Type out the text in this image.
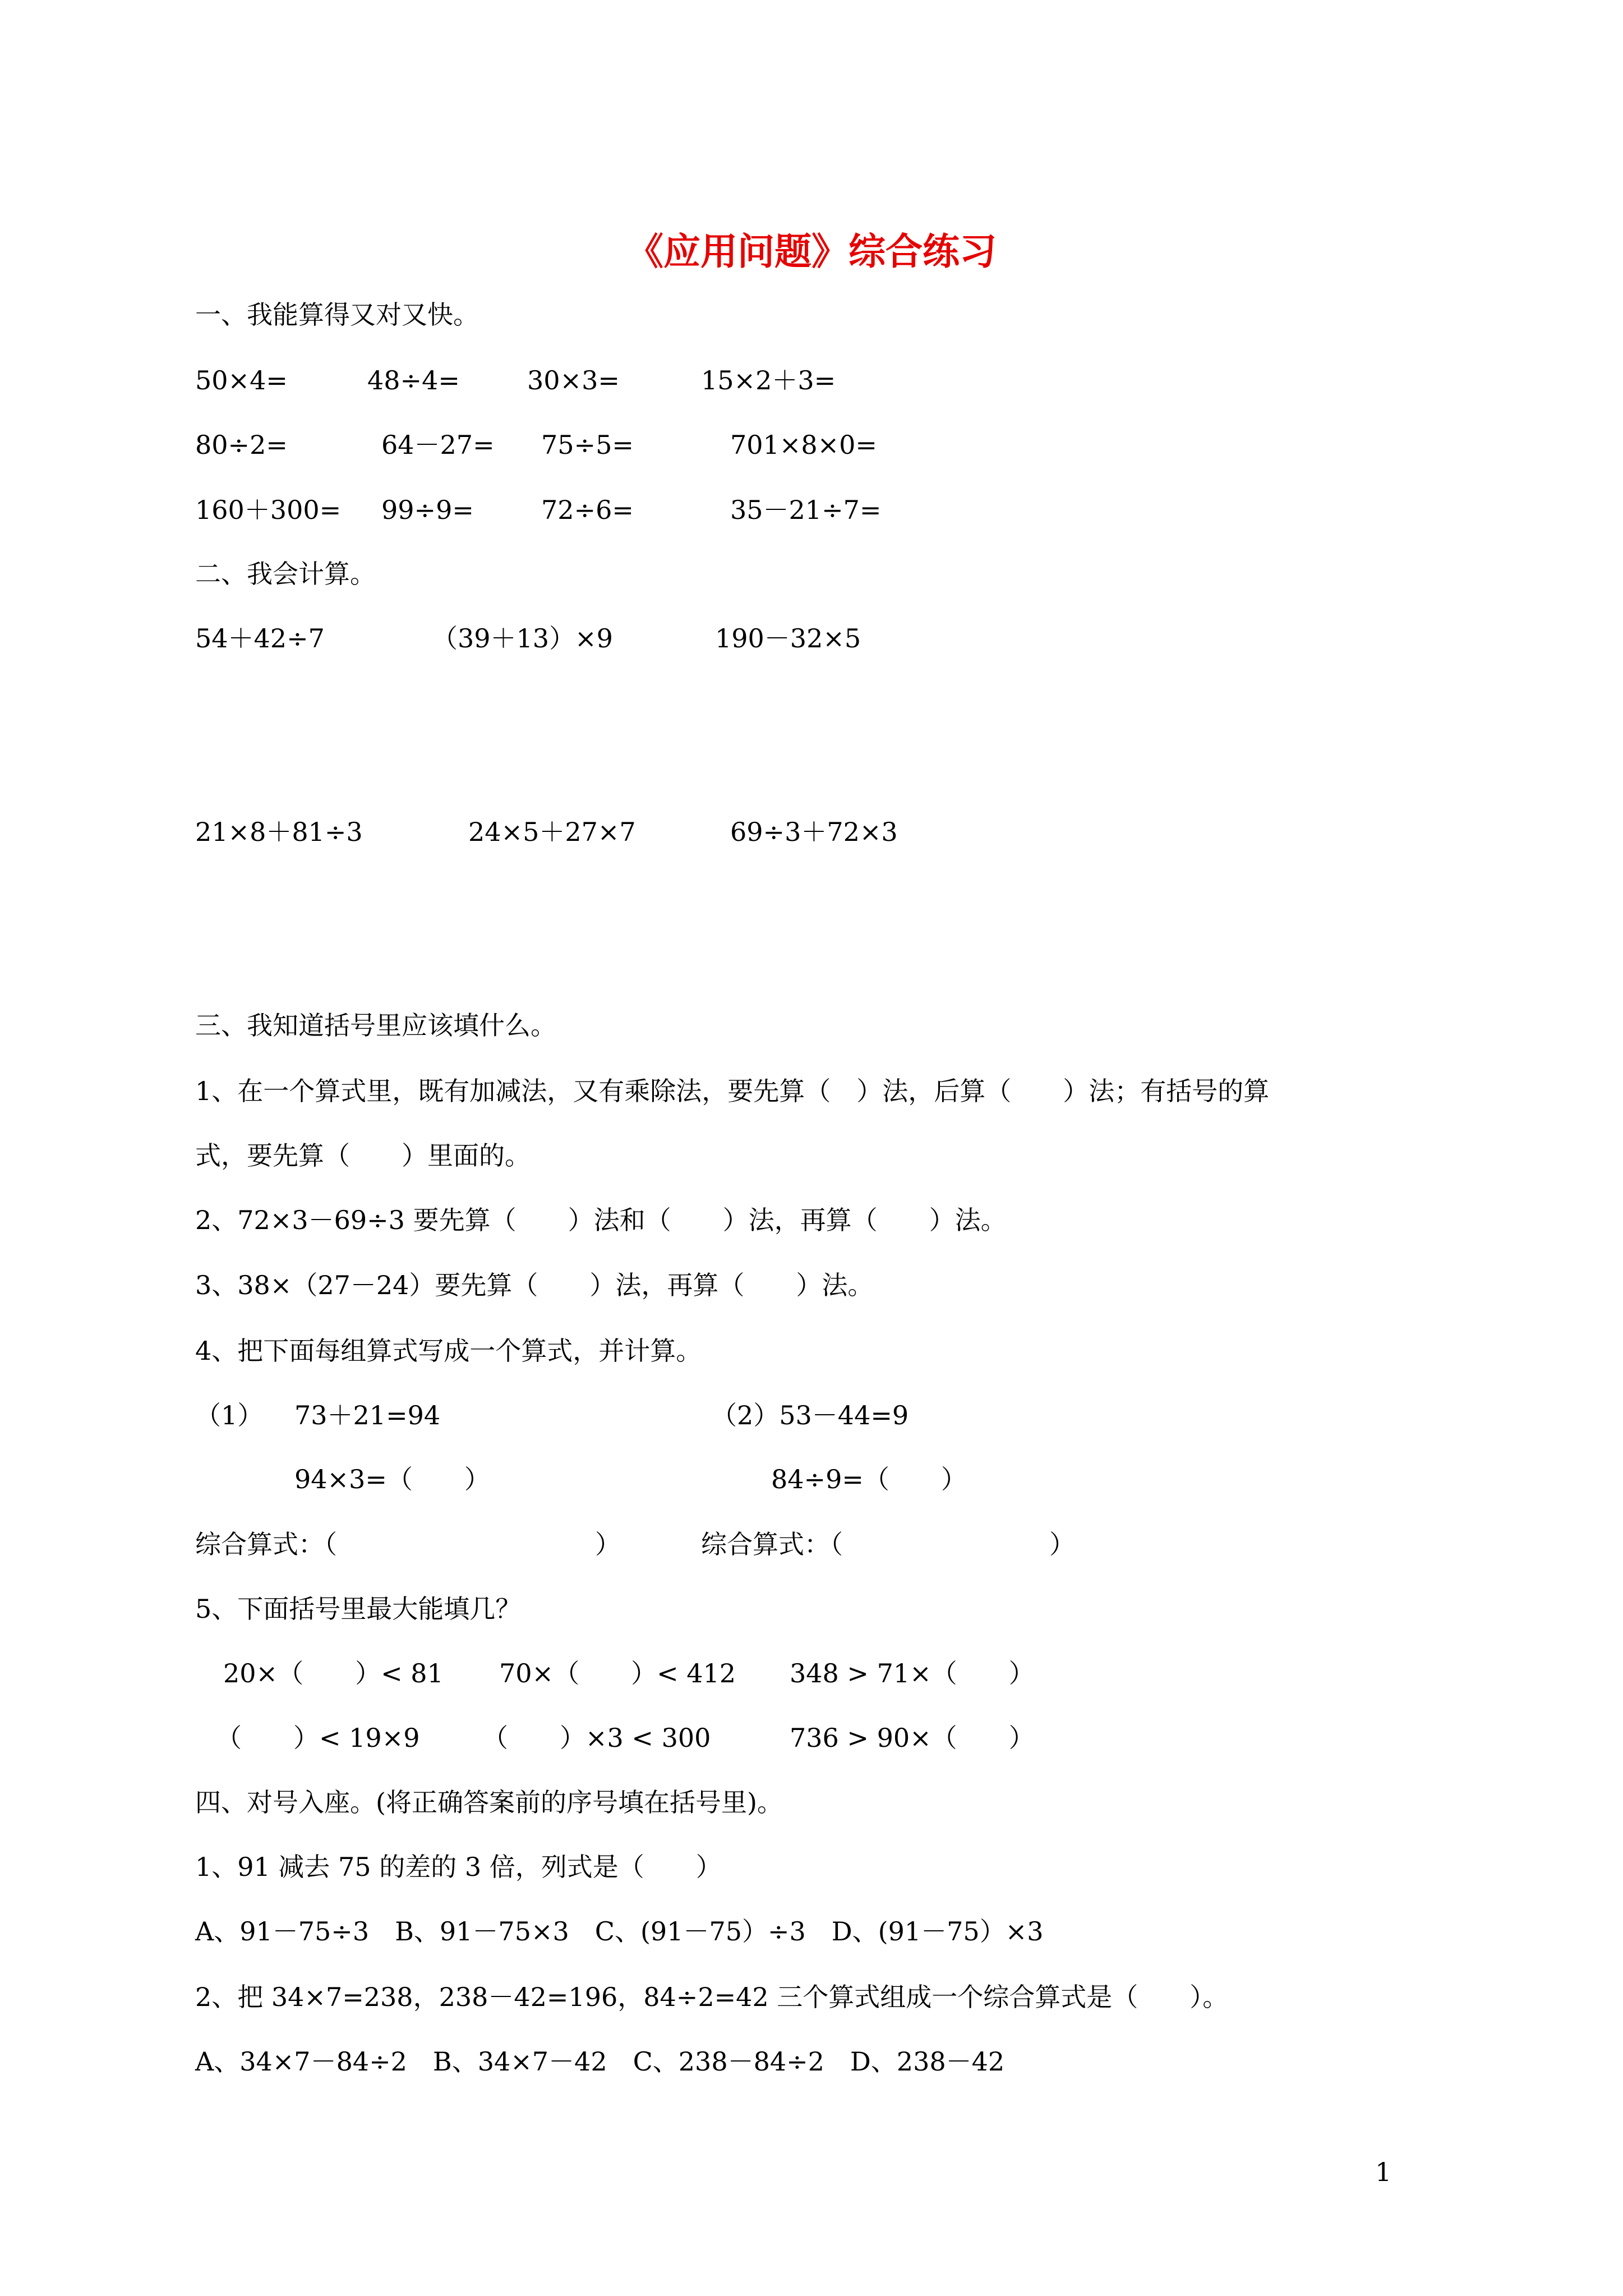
《应用问题》综合练习
一、我能算得又对又快。
50×4=	48÷4=	30×3=	15×2＋3=
80÷2=	64－27= 75÷5=	701×8×0=
160＋300= 99÷9=	72÷6=	35－21÷7=
二、我会计算。
54＋42÷7	（39＋13）×9	190－32×5
21×8＋81÷3	24×5＋27×7	69÷3＋72×3
三、我知道括号里应该填什么。
1、在一个算式里，既有加减法，又有乘除法，要先算（　）法，后算（　　）法；有括号的算
式，要先算（　　）里面的。
2、72×3－69÷3 要先算（　　）法和（　　）法，再算（　　）法。
3、38×（27－24）要先算（　　）法，再算（　　）法。
4、把下面每组算式写成一个算式，并计算。
（1） 73＋21=94	（2）53－44=9
94×3=（　　）	84÷9=（　　）
综合算式：（　　　　　　　　　　）	综合算式：（　　　　　　　　）
5、下面括号里最大能填几？
20×（　　）< 81 70×（　　）< 412 348 > 71×（　　）
（　　）< 19×9 （　　）×3 < 300	736 > 90×（　　）
四、对号入座。(将正确答案前的序号填在括号里)。
1、91 减去 75 的差的 3 倍，列式是（　　）
A、91－75÷3　B、91－75×3　C、(91－75）÷3　D、(91－75）×3
2、把 34×7=238，238－42=196，84÷2=42 三个算式组成一个综合算式是（　　）。
A、34×7－84÷2　B、34×7－42　C、238－84÷2　D、238－42
1
